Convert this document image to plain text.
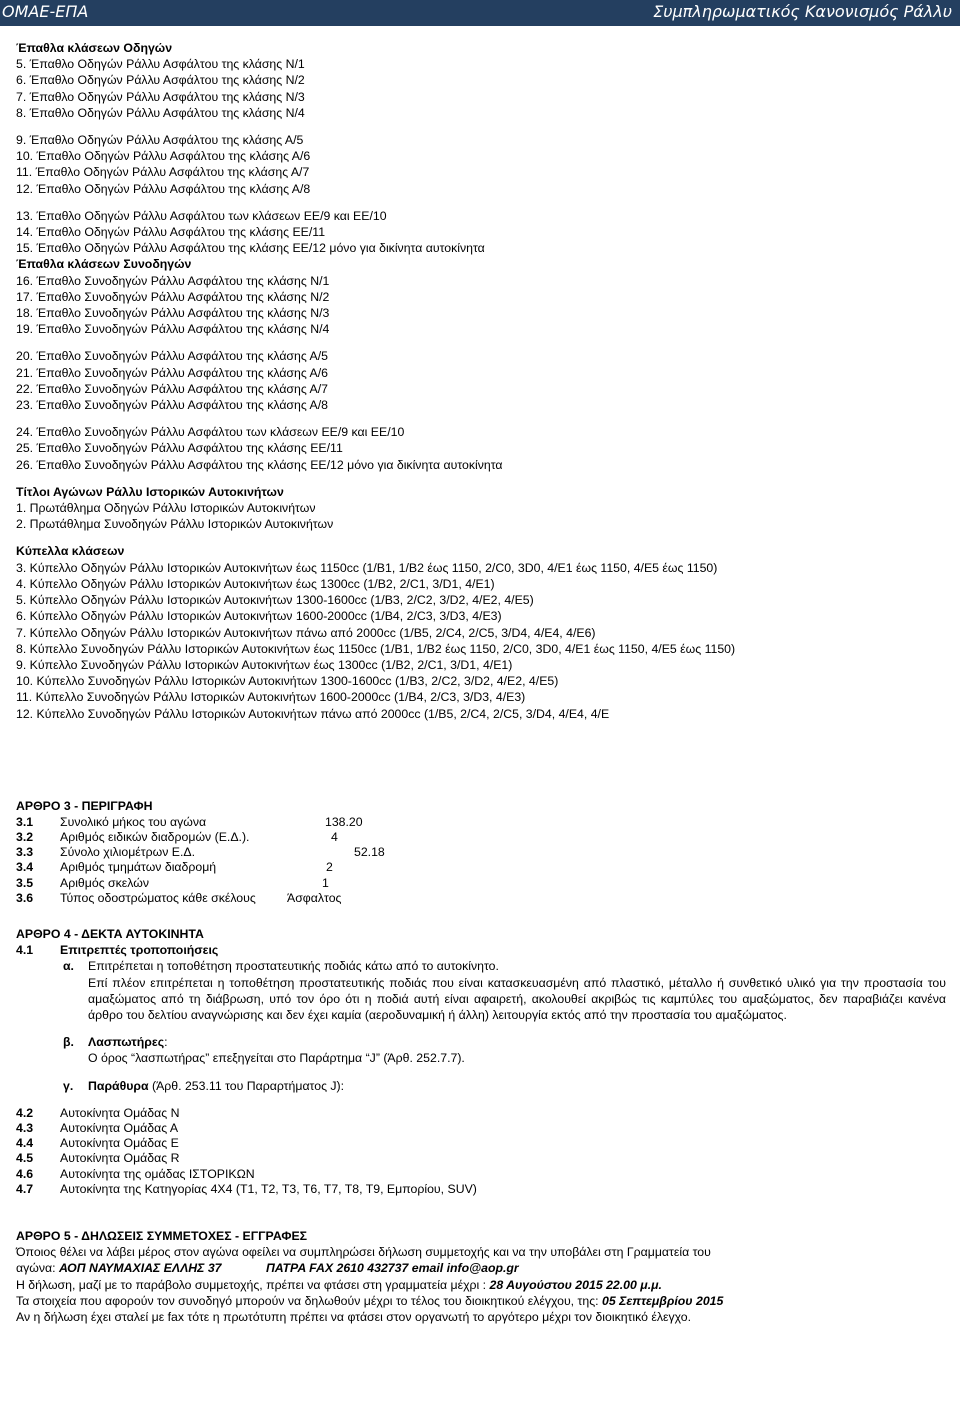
ΟΜΑΕ-ΕΠΑ	Συμπληρωματικός Κανονισμός Ράλλυ
Έπαθλα κλάσεων Οδηγών
5. Έπαθλο Οδηγών Ράλλυ Ασφάλτου της κλάσης Ν/1
6. Έπαθλο Οδηγών Ράλλυ Ασφάλτου της κλάσης Ν/2
7. Έπαθλο Οδηγών Ράλλυ Ασφάλτου της κλάσης Ν/3
8. Έπαθλο Οδηγών Ράλλυ Ασφάλτου της κλάσης Ν/4
9. Έπαθλο Οδηγών Ράλλυ Ασφάλτου της κλάσης Α/5
10. Έπαθλο Οδηγών Ράλλυ Ασφάλτου της κλάσης Α/6
11. Έπαθλο Οδηγών Ράλλυ Ασφάλτου της κλάσης Α/7
12. Έπαθλο Οδηγών Ράλλυ Ασφάλτου της κλάσης Α/8
13. Έπαθλο Οδηγών Ράλλυ Ασφάλτου των κλάσεων ΕΕ/9 και ΕΕ/10
14. Έπαθλο Οδηγών Ράλλυ Ασφάλτου της κλάσης ΕΕ/11
15. Έπαθλο Οδηγών Ράλλυ Ασφάλτου της κλάσης ΕΕ/12 μόνο για δικίνητα αυτοκίνητα
Έπαθλα κλάσεων Συνοδηγών
16. Έπαθλο Συνοδηγών Ράλλυ Ασφάλτου της κλάσης Ν/1
17. Έπαθλο Συνοδηγών Ράλλυ Ασφάλτου της κλάσης Ν/2
18. Έπαθλο Συνοδηγών Ράλλυ Ασφάλτου της κλάσης Ν/3
19. Έπαθλο Συνοδηγών Ράλλυ Ασφάλτου της κλάσης Ν/4
20. Έπαθλο Συνοδηγών Ράλλυ Ασφάλτου της κλάσης Α/5
21. Έπαθλο Συνοδηγών Ράλλυ Ασφάλτου της κλάσης Α/6
22. Έπαθλο Συνοδηγών Ράλλυ Ασφάλτου της κλάσης Α/7
23. Έπαθλο Συνοδηγών Ράλλυ Ασφάλτου της κλάσης Α/8
24. Έπαθλο Συνοδηγών Ράλλυ Ασφάλτου των κλάσεων ΕΕ/9 και ΕΕ/10
25. Έπαθλο Συνοδηγών Ράλλυ Ασφάλτου της κλάσης ΕΕ/11
26. Έπαθλο Συνοδηγών Ράλλυ Ασφάλτου της κλάσης ΕΕ/12 μόνο για δικίνητα αυτοκίνητα
Τίτλοι Αγώνων Ράλλυ Ιστορικών Αυτοκινήτων
1. Πρωτάθλημα Οδηγών Ράλλυ Ιστορικών Αυτοκινήτων
2. Πρωτάθλημα Συνοδηγών Ράλλυ Ιστορικών Αυτοκινήτων
Κύπελλα κλάσεων
3. Κύπελλο Οδηγών Ράλλυ Ιστορικών Αυτοκινήτων έως 1150cc (1/Β1, 1/Β2 έως 1150, 2/C0, 3D0, 4/E1 έως 1150, 4/E5 έως 1150)
4. Κύπελλο Οδηγών Ράλλυ Ιστορικών Αυτοκινήτων έως 1300cc (1/Β2, 2/C1, 3/D1, 4/E1)
5. Κύπελλο Οδηγών Ράλλυ Ιστορικών Αυτοκινήτων 1300-1600cc (1/Β3, 2/C2, 3/D2, 4/E2, 4/E5)
6. Κύπελλο Οδηγών Ράλλυ Ιστορικών Αυτοκινήτων 1600-2000cc (1/Β4, 2/C3, 3/D3, 4/E3)
7. Κύπελλο Οδηγών Ράλλυ Ιστορικών Αυτοκινήτων πάνω από 2000cc (1/Β5, 2/C4, 2/C5, 3/D4, 4/E4, 4/E6)
8. Κύπελλο Συνοδηγών Ράλλυ Ιστορικών Αυτοκινήτων έως 1150cc (1/Β1, 1/Β2 έως 1150, 2/C0, 3D0, 4/E1 έως 1150, 4/E5 έως 1150)
9. Κύπελλο Συνοδηγών Ράλλυ Ιστορικών Αυτοκινήτων έως 1300cc (1/Β2, 2/C1, 3/D1, 4/E1)
10. Κύπελλο Συνοδηγών Ράλλυ Ιστορικών Αυτοκινήτων 1300-1600cc (1/Β3, 2/C2, 3/D2, 4/E2, 4/E5)
11. Κύπελλο Συνοδηγών Ράλλυ Ιστορικών Αυτοκινήτων 1600-2000cc (1/Β4, 2/C3, 3/D3, 4/E3)
12. Κύπελλο Συνοδηγών Ράλλυ Ιστορικών Αυτοκινήτων πάνω από 2000cc (1/Β5, 2/C4, 2/C5, 3/D4, 4/E4, 4/E
ΑΡΘΡΟ 3 - ΠΕΡΙΓΡΑΦΗ
3.1 Συνολικό μήκος του αγώνα	138.20
3.2 Αριθμός ειδικών διαδρομών (Ε.Δ.).	4
3.3 Σύνολο χιλιομέτρων Ε.Δ.	52.18
3.4 Αριθμός τμημάτων διαδρομή	2
3.5 Αριθμός σκελών	1
3.6 Τύπος οδοστρώματος κάθε σκέλους	Άσφαλτος
ΑΡΘΡΟ 4 - ΔΕΚΤΑ ΑΥΤΟΚΙΝΗΤΑ
4.1	Επιτρεπτές τροποποιήσεις
α. Επιτρέπεται η τοποθέτηση προστατευτικής ποδιάς κάτω από το αυτοκίνητο.
Επί πλέον επιτρέπεται η τοποθέτηση προστατευτικής ποδιάς που είναι κατασκευασμένη από πλαστικό, μέταλλο ή συνθετικό υλικό για την προστασία του αμαξώματος από τη διάβρωση, υπό τον όρο ότι η ποδιά αυτή είναι αφαιρετή, ακολουθεί ακριβώς τις καμπύλες του αμαξώματος, δεν παραβιάζει κανένα άρθρο του δελτίου αναγνώρισης και δεν έχει καμία (αεροδυναμική ή άλλη) λειτουργία εκτός από την προστασία του αμαξώματος.
β. Λασπωτήρες:
Ο όρος “λασπωτήρας” επεξηγείται στο Παράρτημα “J” (Άρθ. 252.7.7).
γ.	Παράθυρα (Άρθ. 253.11 του Παραρτήματος J):
4.2 Αυτοκίνητα Ομάδας Ν
4.3 Αυτοκίνητα Ομάδας Α
4.4 Αυτοκίνητα Ομάδας Ε
4.5 Αυτοκίνητα Ομάδας R
4.6 Αυτοκίνητα της ομάδας ΙΣΤΟΡΙΚΩΝ
4.7 Αυτοκίνητα της Κατηγορίας 4Χ4 (Τ1, Τ2, Τ3, Τ6, Τ7, Τ8, Τ9, Εμπορίου, SUV)
ΑΡΘΡΟ 5 - ΔΗΛΩΣΕΙΣ ΣΥΜΜΕΤΟΧΕΣ - ΕΓΓΡΑΦΕΣ
Όποιος θέλει να λάβει μέρος στον αγώνα οφείλει να συμπληρώσει δήλωση συμμετοχής και να την υποβάλει στη Γραμματεία του
αγώνα: ΑΟΠ ΝΑΥΜΑΧΙΑΣ ΕΛΛΗΣ 37	ΠΑΤΡΑ FAX 2610 432737 email info@aop.gr
Η δήλωση, μαζί με το παράβολο συμμετοχής, πρέπει να φτάσει στη γραμματεία μέχρι : 28 Αυγούστου 2015 22.00 μ.μ.
Τα στοιχεία που αφορούν τον συνοδηγό μπορούν να δηλωθούν μέχρι το τέλος του διοικητικού ελέγχου, της: 05 Σεπτεμβρίου 2015
Αν η δήλωση έχει σταλεί με fax τότε η πρωτότυπη πρέπει να φτάσει στον οργανωτή το αργότερο μέχρι τον διοικητικό έλεγχο.
